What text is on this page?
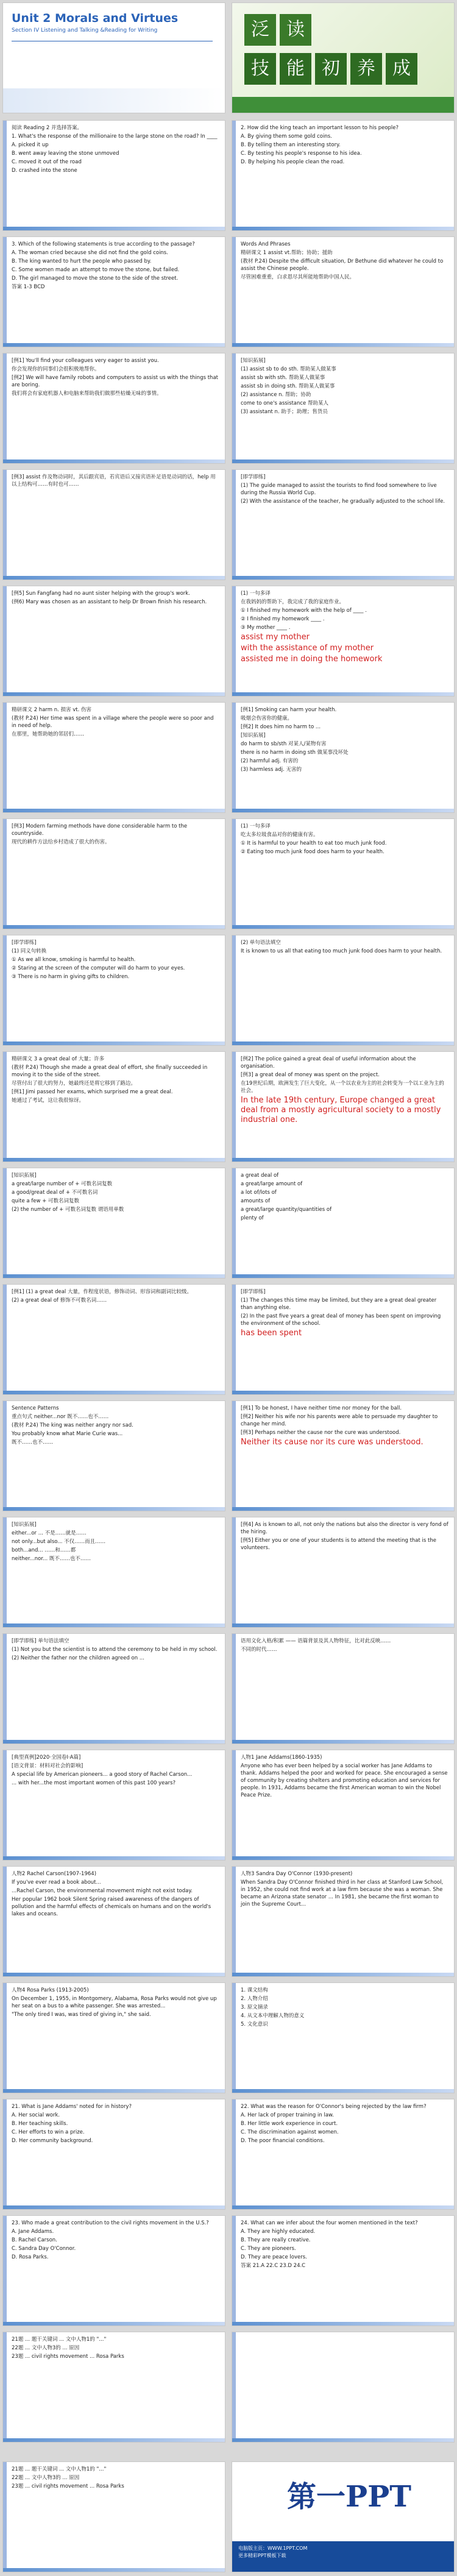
Unit 2 Morals and Virtues
Section IV Listening and Talking &Reading for Writing	泛 读
技 能 初 养 成

阅读 Reading 2 并选择答案。

1. What's the response of the millionaire to the large stone on the road? In ____

A. picked it up

B. went away leaving the stone unmoved

C. moved it out of the road

D. crashed into the stone

2. How did the king teach an important lesson to his people?

A. By giving them some gold coins.

B. By telling them an interesting story.

C. By testing his people's response to his idea.

D. By helping his people clean the road.

3. Which of the following statements is true according to the passage?

A. The woman cried because she did not find the gold coins.

B. The king wanted to hurt the people who passed by.

C. Some women made an attempt to move the stone, but failed.

D. The girl managed to move the stone to the side of the street.

答案 1-3 BCD

Words And Phrases

精研课文 1 assist vt.帮助；协助；援助

(教材 P.24) Despite the difficult situation, Dr Bethune did whatever he could to assist the Chinese people.

尽管困难重重，白求恩尽其所能地帮助中国人民。

[例1] You'll find your colleagues very eager to assist you.

你会发现你的同事们会很积极地帮你。

[例2] We will have family robots and computers to assist us with the things that are boring.

我们将会有家庭机器人和电脑来帮助我们做那些枯燥无味的事情。

[知识拓展]

(1) assist sb to do sth. 帮助某人做某事

assist sb with sth. 帮助某人做某事

assist sb in doing sth. 帮助某人做某事

(2) assistance n. 帮助；协助

come to one's assistance 帮助某人

(3) assistant n. 助手；助理；售货员

[例3] assist 作及物动词时，其后跟宾语，若宾语后又接宾语补足语是动词的话，help 用以上结构可……有时也可……

[即学即练]

(1) The guide managed to assist the tourists to find food somewhere to live during the Russia World Cup.

(2) With the assistance of the teacher, he gradually adjusted to the school life.

[例5] Sun Fangfang had no aunt sister helping with the group's work.

(例6) Mary was chosen as an assistant to help Dr Brown finish his research.

(1) 一句多译

在我妈妈的帮助下，我完成了我的家庭作业。

① I finished my homework with the help of ____ .

② I finished my homework ____ .

③ My mother ____ .

assist my mother

with the assistance of my mother

assisted me in doing the homework

精研课文 2 harm n. 损害 vt. 伤害

(教材 P.24) Her time was spent in a village where the people were so poor and in need of help.

在那里，她帮助她的邻居们……

[例1] Smoking can harm your health.

吸烟会伤害你的健康。

[例2] It does him no harm to ...

[知识拓展]

do harm to sb/sth 对某人/某物有害

there is no harm in doing sth 做某事没坏处

(2) harmful adj. 有害的

(3) harmless adj. 无害的

[例3] Modern farming methods have done considerable harm to the countryside.

现代的耕作方法给乡村造成了很大的伤害。

(1) 一句多译

吃太多垃圾食品对你的健康有害。

① It is harmful to your health to eat too much junk food.

② Eating too much junk food does harm to your health.

[即学即练]

(1) 同义句转换

① As we all know, smoking is harmful to health.

② Staring at the screen of the computer will do harm to your eyes.

③ There is no harm in giving gifts to children.

(2) 单句语法填空

It is known to us all that eating too much junk food does harm to your health.

精研课文 3 a great deal of 大量；许多

(教材 P.24) Though she made a great deal of effort, she finally succeeded in moving it to the side of the street.

尽管付出了很大的努力，她最终还是将它移到了路边。

[例1] Jimi passed her exams, which surprised me a great deal.

她通过了考试，这让我很惊讶。

[例2] The police gained a great deal of useful information about the organisation.

[例3] a great deal of money was spent on the project.

在19世纪后期，欧洲发生了巨大变化，从一个以农业为主的社会转变为一个以工业为主的社会。

In the late 19th century, Europe changed a great deal from a mostly agricultural society to a mostly industrial one.

[知识拓展]

a great/large number of + 可数名词复数

a good/great deal of + 不可数名词

quite a few + 可数名词复数

(2) the number of + 可数名词复数 谓语用单数

a great deal of

a great/large amount of

a lot of/lots of

amounts of

a great/large quantity/quantities of

plenty of

[例1] (1) a great deal 大量，作程度状语，修饰动词、形容词和副词比较级。

(2) a great deal of 修饰不可数名词……

[即学即练]

(1) The changes this time may be limited, but they are a great deal greater than anything else.

(2) In the past five years a great deal of money has been spent on improving the environment of the school.

has been spent

Sentence Patterns

重点句式 neither...nor 既不……也不……

(教材 P.24) The king was neither angry nor sad.

You probably know what Marie Curie was...

既不……也不……

[例1] To be honest, I have neither time nor money for the ball.

[例2] Neither his wife nor his parents were able to persuade my daughter to change her mind.

[例3] Perhaps neither the cause nor the cure was understood.

Neither its cause nor its cure was understood.

[知识拓展]

either...or ... 不是……就是……

not only...but also... 不仅……而且……

both...and... ……和……都

neither...nor... 既不……也不……

[例4] As is known to all, not only the nations but also the director is very fond of the hiring.

[例5] Either you or one of your students is to attend the meeting that is the volunteers.

[即学即练] 单句语法填空

(1) Not you but the scientist is to attend the ceremony to be held in my school.

(2) Neither the father nor the children agreed on ...

语用文化入格/积累 —— 语篇背景及其人物特征，比对此反映……

不同的时代……

[典型真例]2020·全国卷I·A篇]

[语文背景：材料对社会的影响]

A special life by American pioneers... a good story of Rachel Carson...

... with her...the most important women of this past 100 years?

人物1 Jane Addams(1860-1935)

Anyone who has ever been helped by a social worker has Jane Addams to thank. Addams helped the poor and worked for peace. She encouraged a sense of community by creating shelters and promoting education and services for people. In 1931, Addams became the first American woman to win the Nobel Peace Prize.

人物2 Rachel Carson(1907-1964)

If you've ever read a book about...

...Rachel Carson, the environmental movement might not exist today.

Her popular 1962 book Silent Spring raised awareness of the dangers of pollution and the harmful effects of chemicals on humans and on the world's lakes and oceans.

人物3 Sandra Day O'Connor (1930-present)

When Sandra Day O'Connor finished third in her class at Stanford Law School, in 1952, she could not find work at a law firm because she was a woman. She became an Arizona state senator ... In 1981, she became the first woman to join the Supreme Court...

人物4 Rosa Parks (1913-2005)

On December 1, 1955, in Montgomery, Alabama, Rosa Parks would not give up her seat on a bus to a white passenger. She was arrested...

"The only tired I was, was tired of giving in," she said.

1. 课文结构

2. 人物介绍

3. 原文摘录

4. 从文本中理解人物的意义

5. 文化意识

21. What is Jane Addams' noted for in history?

A. Her social work.

B. Her teaching skills.

C. Her efforts to win a prize.

D. Her community background.

22. What was the reason for O'Connor's being rejected by the law firm?

A. Her lack of proper training in law.

B. Her little work experience in court.

C. The discrimination against women.

D. The poor financial conditions.

23. Who made a great contribution to the civil rights movement in the U.S.?

A. Jane Addams.

B. Rachel Carson.

C. Sandra Day O'Connor.

D. Rosa Parks.

24. What can we infer about the four women mentioned in the text?

A. They are highly educated.

B. They are really creative.

C. They are pioneers.

D. They are peace lovers.

答案 21.A 22.C 23.D 24.C

21题 ... 题干关键词 ... 文中人物1的 "..."

22题 ... 文中人物3的 ... 原因

23题 ... civil rights movement ... Rosa Parks

21题 ... 题干关键词 ... 文中人物1的 "..."

22题 ... 文中人物3的 ... 原因

23题 ... civil rights movement ... Rosa Parks	第一PPT
电脑版主页：WWW.1PPT.COM
更多精彩PPT模板下载
